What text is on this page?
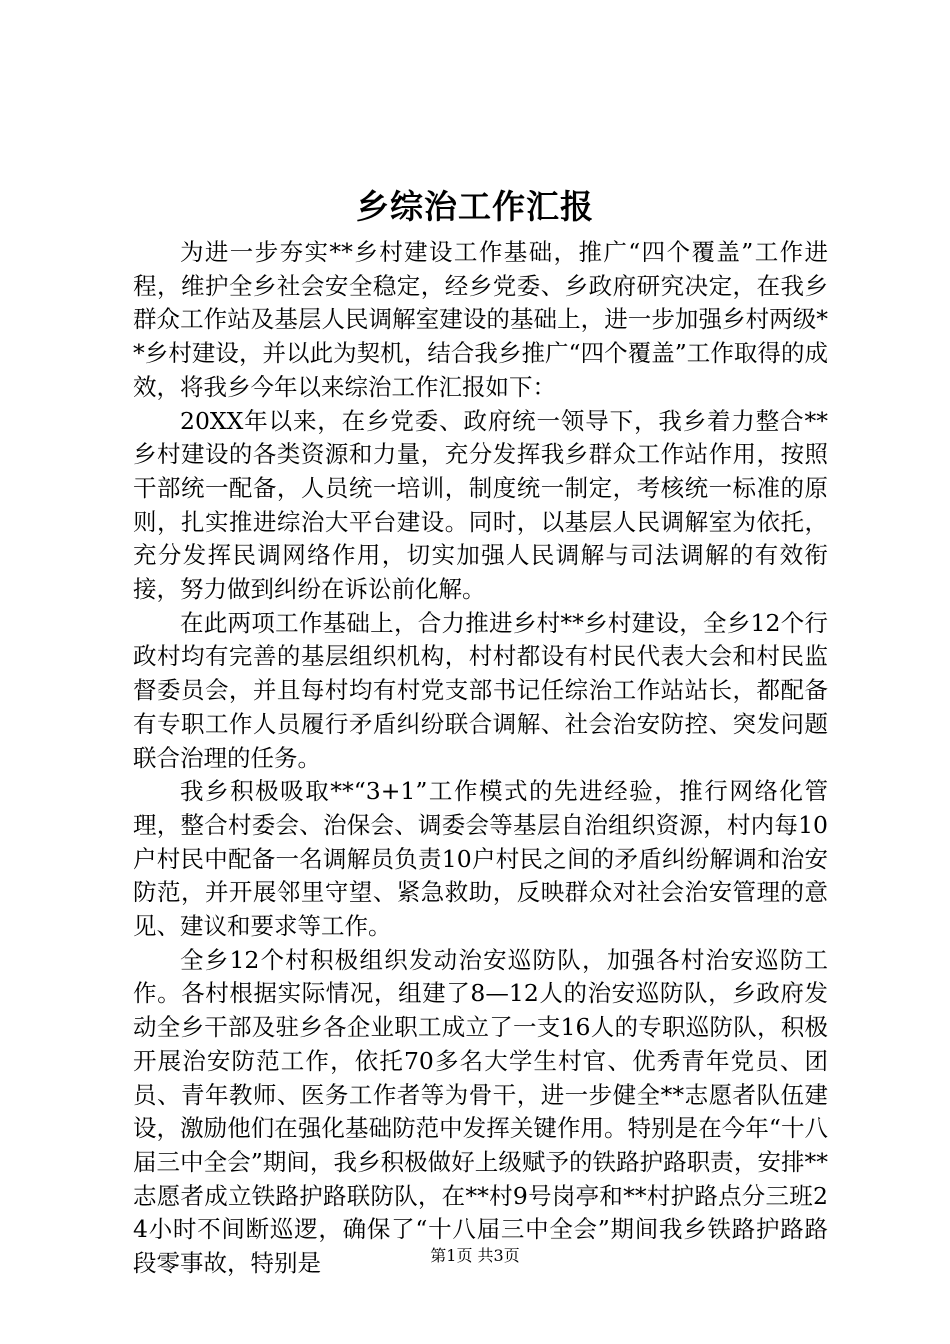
乡综治工作汇报

为进一步夯实**乡村建设工作基础，推广“四个覆盖”工作进程，维护全乡社会安全稳定，经乡党委、乡政府研究决定，在我乡群众工作站及基层人民调解室建设的基础上，进一步加强乡村两级**乡村建设，并以此为契机，结合我乡推广“四个覆盖”工作取得的成效，将我乡今年以来综治工作汇报如下：

20XX年以来，在乡党委、政府统一领导下，我乡着力整合**乡村建设的各类资源和力量，充分发挥我乡群众工作站作用，按照干部统一配备，人员统一培训，制度统一制定，考核统一标准的原则，扎实推进综治大平台建设。同时，以基层人民调解室为依托，充分发挥民调网络作用，切实加强人民调解与司法调解的有效衔接，努力做到纠纷在诉讼前化解。

在此两项工作基础上，合力推进乡村**乡村建设，全乡12个行政村均有完善的基层组织机构，村村都设有村民代表大会和村民监督委员会，并且每村均有村党支部书记任综治工作站站长，都配备有专职工作人员履行矛盾纠纷联合调解、社会治安防控、突发问题联合治理的任务。

我乡积极吸取**“3+1”工作模式的先进经验，推行网络化管理，整合村委会、治保会、调委会等基层自治组织资源，村内每10户村民中配备一名调解员负责10户村民之间的矛盾纠纷解调和治安防范，并开展邻里守望、紧急救助，反映群众对社会治安管理的意见、建议和要求等工作。

全乡12个村积极组织发动治安巡防队，加强各村治安巡防工作。各村根据实际情况，组建了8—12人的治安巡防队，乡政府发动全乡干部及驻乡各企业职工成立了一支16人的专职巡防队，积极开展治安防范工作，依托70多名大学生村官、优秀青年党员、团员、青年教师、医务工作者等为骨干，进一步健全**志愿者队伍建设，激励他们在强化基础防范中发挥关键作用。特别是在今年“十八届三中全会”期间，我乡积极做好上级赋予的铁路护路职责，安排**志愿者成立铁路护路联防队，在**村9号岗亭和**村护路点分三班24小时不间断巡逻，确保了“十八届三中全会”期间我乡铁路护路路段零事故，特别是	第1页 共3页
